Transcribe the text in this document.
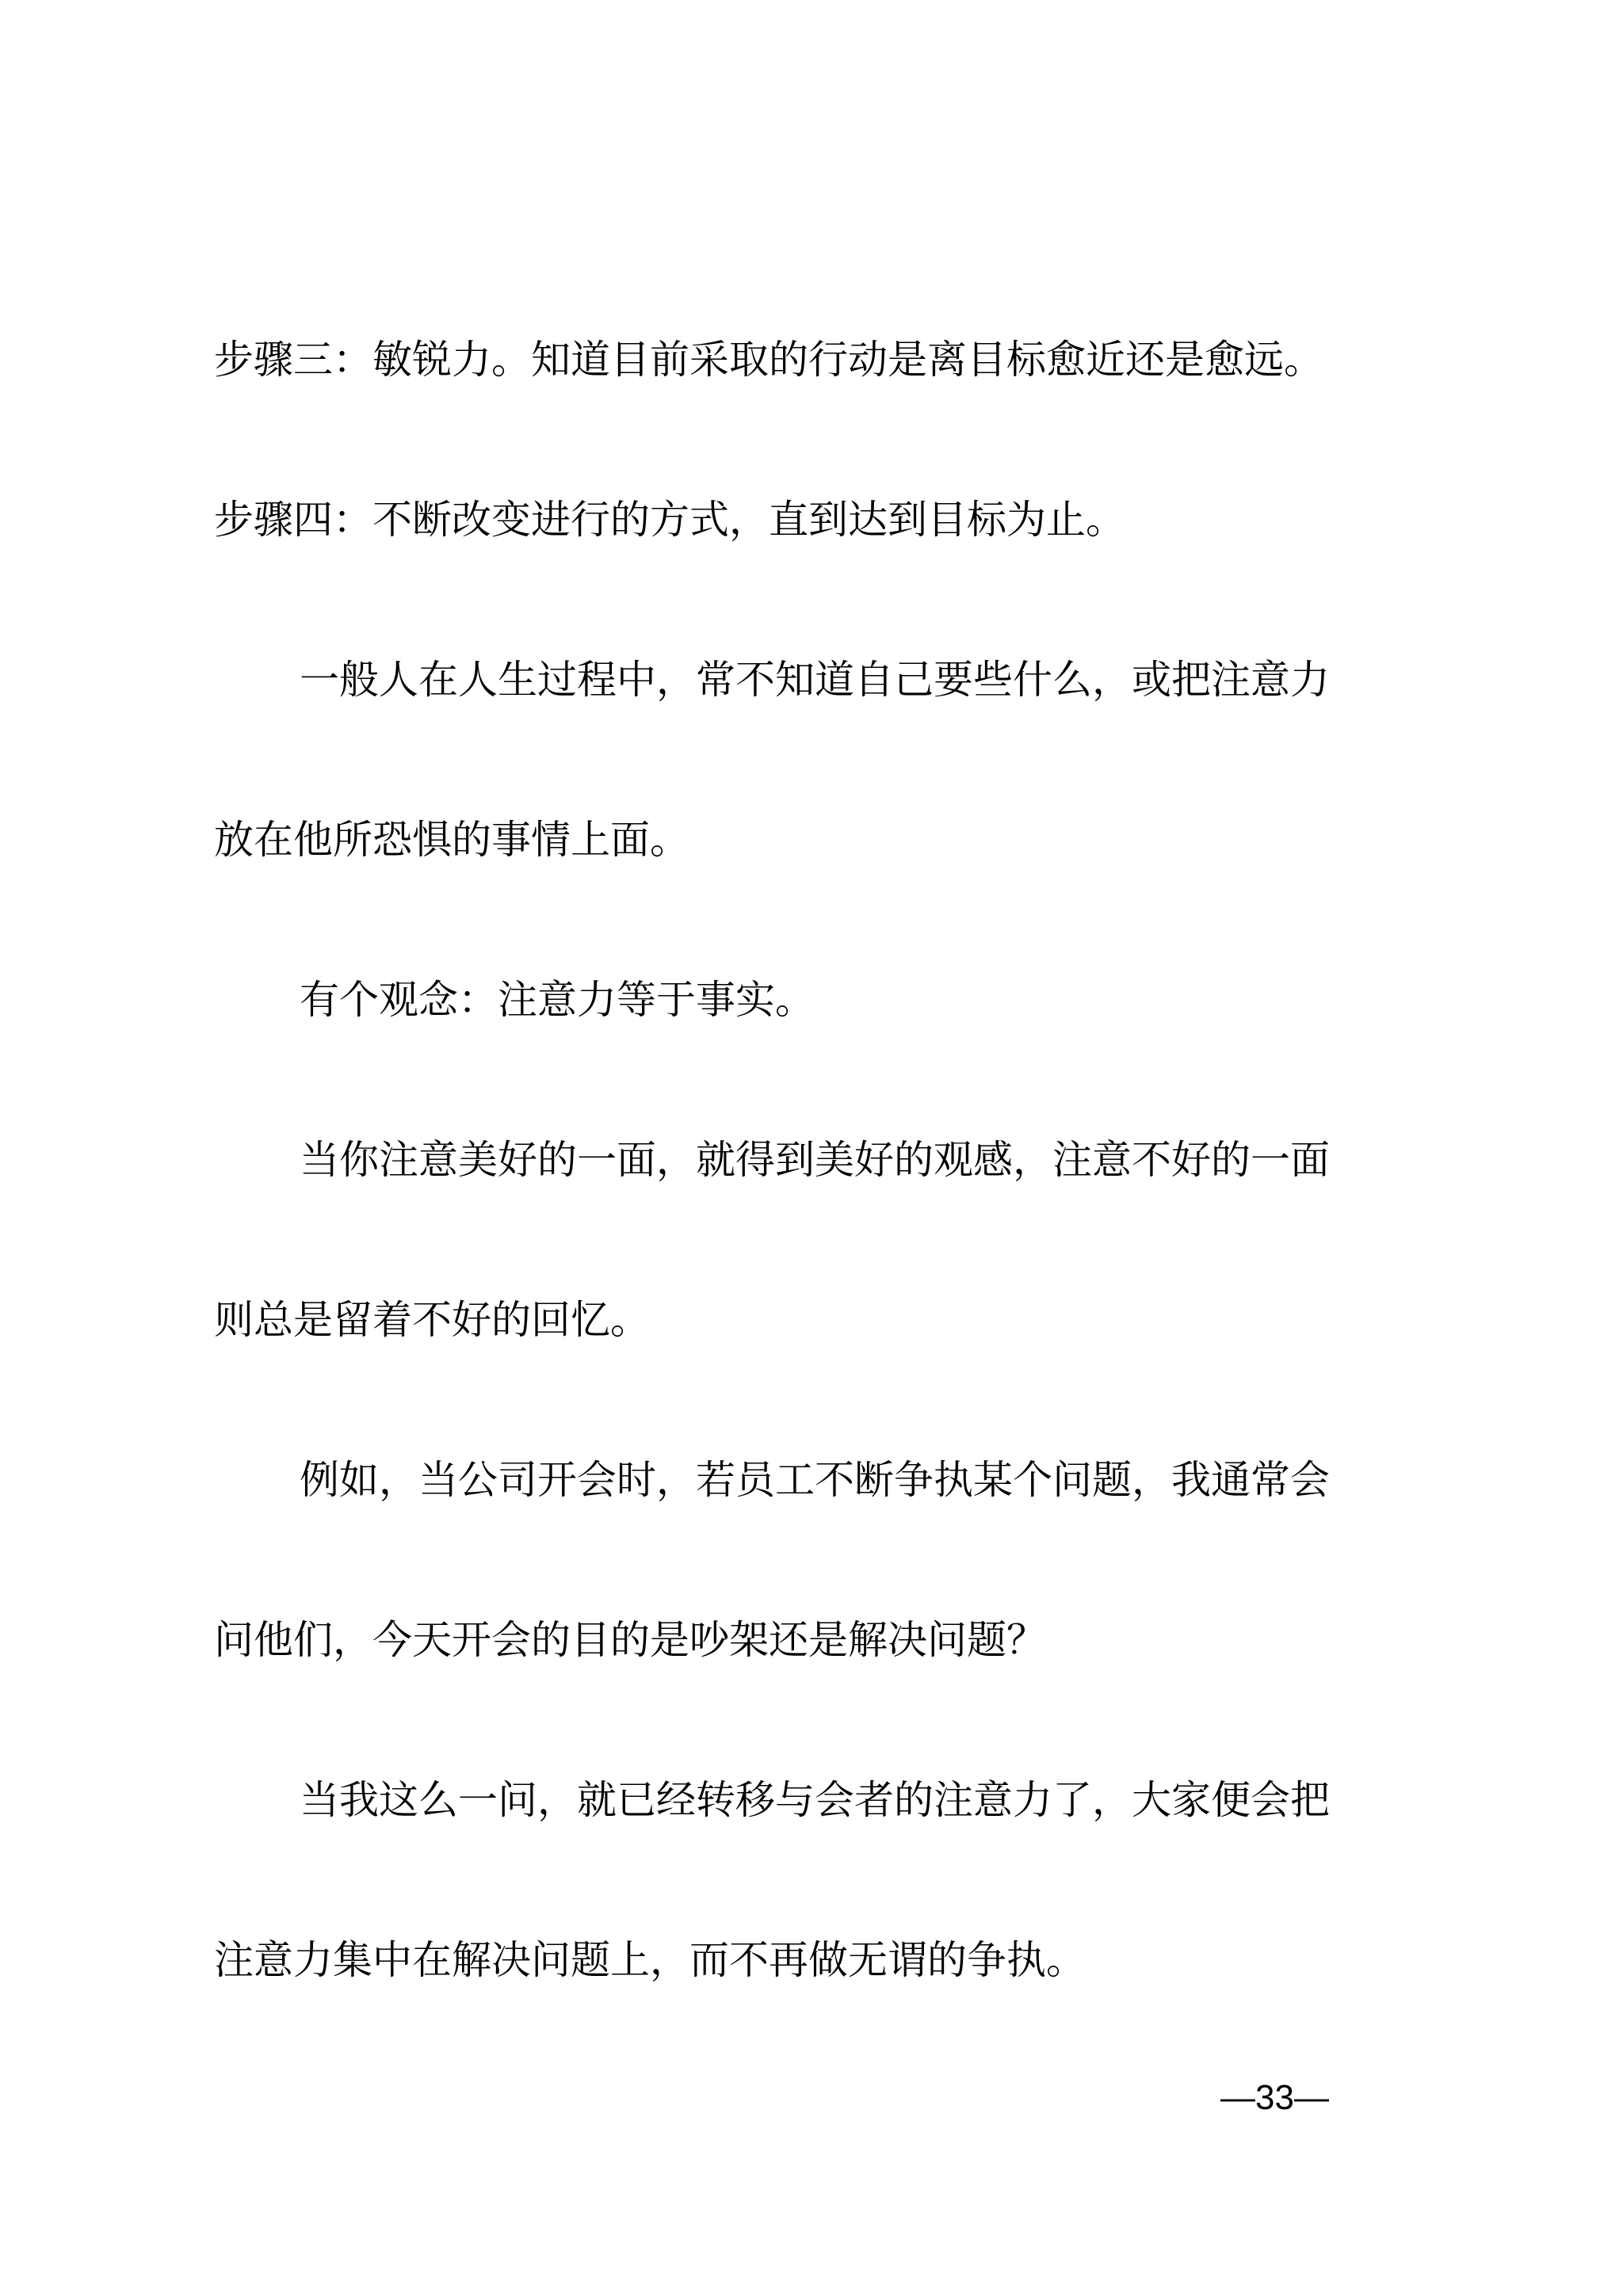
步骤三：敏锐力。知道目前采取的行动是离目标愈近还是愈远。
步骤四：不断改变进行的方式，直到达到目标为止。
一般人在人生过程中，常不知道自己要些什么，或把注意力
放在他所恐惧的事情上面。
有个观念：注意力等于事实。
当你注意美好的一面，就得到美好的观感，注意不好的一面
则总是留着不好的回忆。
例如，当公司开会时，若员工不断争执某个问题，我通常会
问他们，今天开会的目的是吵架还是解决问题？
当我这么一问，就已经转移与会者的注意力了，大家便会把
注意力集中在解决问题上，而不再做无谓的争执。
—33—
